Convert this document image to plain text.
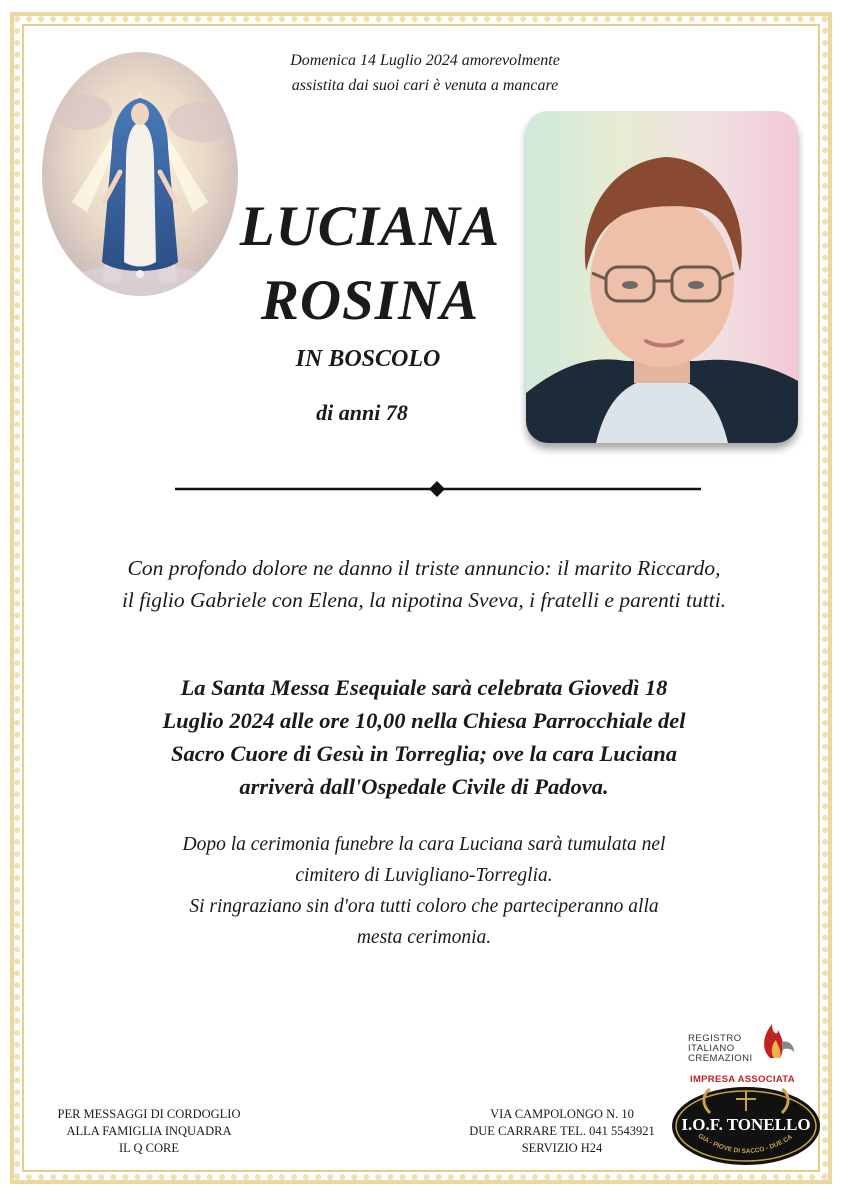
Domenica 14 Luglio 2024 amorevolmente
assistita dai suoi cari è venuta a mancare
LUCIANA
ROSINA
IN BOSCOLO
di anni 78
Con profondo dolore ne danno il triste annuncio: il marito Riccardo,
il figlio Gabriele con Elena, la nipotina Sveva, i fratelli e parenti tutti.
La Santa Messa Esequiale sarà celebrata Giovedì 18
Luglio 2024 alle ore 10,00 nella Chiesa Parrocchiale del
Sacro Cuore di Gesù in Torreglia; ove la cara Luciana
arriverà dall'Ospedale Civile di Padova.
Dopo la cerimonia funebre la cara Luciana sarà tumulata nel
cimitero di Luvigliano-Torreglia.
Si ringraziano sin d'ora tutti coloro che parteciperanno alla
mesta cerimonia.
REGISTRO
ITALIANO
CREMAZIONI
IMPRESA ASSOCIATA
I.O.F. TONELLO
GIA - PIOVE DI SACCO - DUE CA
PER MESSAGGI DI CORDOGLIO
ALLA FAMIGLIA INQUADRA
IL Q CORE
VIA CAMPOLONGO N. 10
DUE CARRARE TEL. 041 5543921
SERVIZIO H24
